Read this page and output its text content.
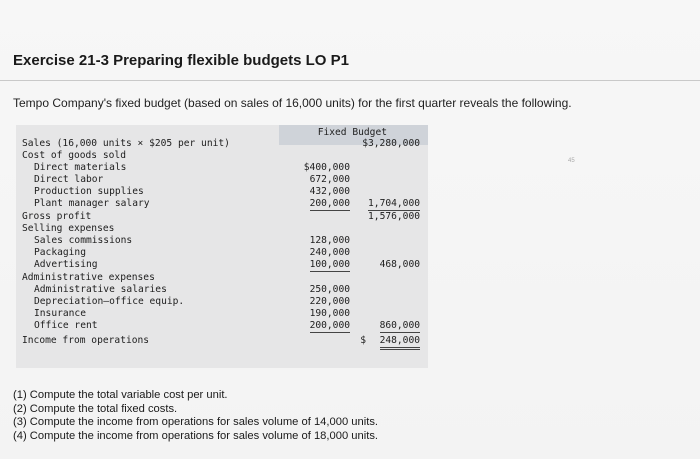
Exercise 21-3 Preparing flexible budgets LO P1
Tempo Company's fixed budget (based on sales of 16,000 units) for the first quarter reveals the following.
Fixed Budget
Sales (16,000 units × $205 per unit)	$3,280,000
Cost of goods sold
Direct materials	$400,000
Direct labor	672,000
Production supplies	432,000
Plant manager salary	200,000 1,704,000
Gross profit	1,576,000
Selling expenses
Sales commissions	128,000
Packaging	240,000
Advertising	100,000	468,000
Administrative expenses
Administrative salaries	250,000
Depreciation—office equip.	220,000
Insurance	190,000
Office rent	200,000	860,000
Income from operations	$ 248,000
45
(1) Compute the total variable cost per unit.
(2) Compute the total fixed costs.
(3) Compute the income from operations for sales volume of 14,000 units.
(4) Compute the income from operations for sales volume of 18,000 units.
